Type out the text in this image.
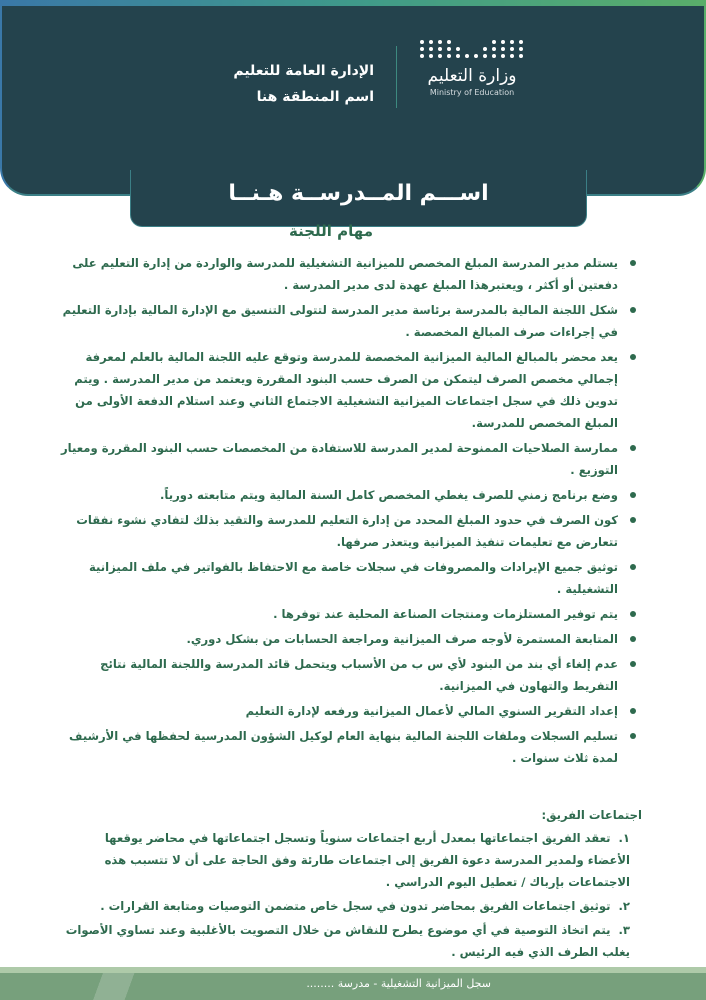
وزارة التعليم
Ministry of Education
الإدارة العامة للتعليم
اسم المنطقة هنا
اســـم المــدرســة هـنــا
مهام اللجنة
يستلم مدير المدرسة المبلغ المخصص للميزانية التشغيلية للمدرسة والواردة من إدارة التعليم على دفعتين أو أكثر ، ويعتبرهذا المبلغ عهدة لدى مدير المدرسة .
شكل اللجنة المالية بالمدرسة برئاسة مدير المدرسة لتتولى التنسيق مع الإدارة المالية بإدارة التعليم في إجراءات صرف المبالغ المخصصة .
يعد محضر بالمبالغ المالية الميزانية المخصصة للمدرسة وتوقع عليه اللجنة المالية بالعلم لمعرفة إجمالي مخصص الصرف ليتمكن من الصرف حسب البنود المقررة ويعتمد من مدير المدرسة . ويتم تدوين ذلك في سجل اجتماعات الميزانية التشغيلية الاجتماع الثاني وعند استلام الدفعة الأولى من المبلغ المخصص للمدرسة.
ممارسة الصلاحيات الممنوحة لمدير المدرسة للاستفادة من المخصصات حسب البنود المقررة ومعيار التوزيع .
وضع برنامج زمني للصرف يغطي المخصص كامل السنة المالية ويتم متابعته دورياً.
كون الصرف في حدود المبلغ المحدد من إدارة التعليم للمدرسة والتقيد بذلك لتفادي نشوء نفقات تتعارض مع تعليمات تنفيذ الميزانية ويتعذر صرفها.
توثيق جميع الإيرادات والمصروفات في سجلات خاصة مع الاحتفاظ بالفواتير في ملف الميزانية التشغيلية .
يتم توفير المستلزمات ومنتجات الصناعة المحلية عند توفرها .
المتابعة المستمرة لأوجه صرف الميزانية ومراجعة الحسابات من بشكل دوري.
عدم إلغاء أي بند من البنود لأي س ب من الأسباب ويتحمل قائد المدرسة واللجنة المالية نتائج التفريط والتهاون في الميزانية.
إعداد التقرير السنوي المالي لأعمال الميزانية ورفعه لإدارة التعليم
تسليم السجلات وملفات اللجنة المالية بنهاية العام لوكيل الشؤون المدرسية لحفظها في الأرشيف لمدة ثلاث سنوات .
اجتماعات الفريق:
١.تعقد الفريق اجتماعاتها بمعدل أربع اجتماعات سنوياً وتسجل اجتماعاتها في محاضر يوقعها الأعضاء ولمدير المدرسة دعوة الفريق إلى اجتماعات طارئة وفق الحاجة على أن لا تتسبب هذه الاجتماعات بإرباك / تعطيل اليوم الدراسي .
٢.توثيق اجتماعات الفريق بمحاضر تدون في سجل خاص متضمن التوصيات ومتابعة القرارات .
٣.يتم اتخاذ التوصية في أي موضوع يطرح للنقاش من خلال التصويت بالأغلبية وعند تساوي الأصوات يغلب الطرف الذي فيه الرئيس .
سجل الميزانية التشغيلية - مدرسة ........
